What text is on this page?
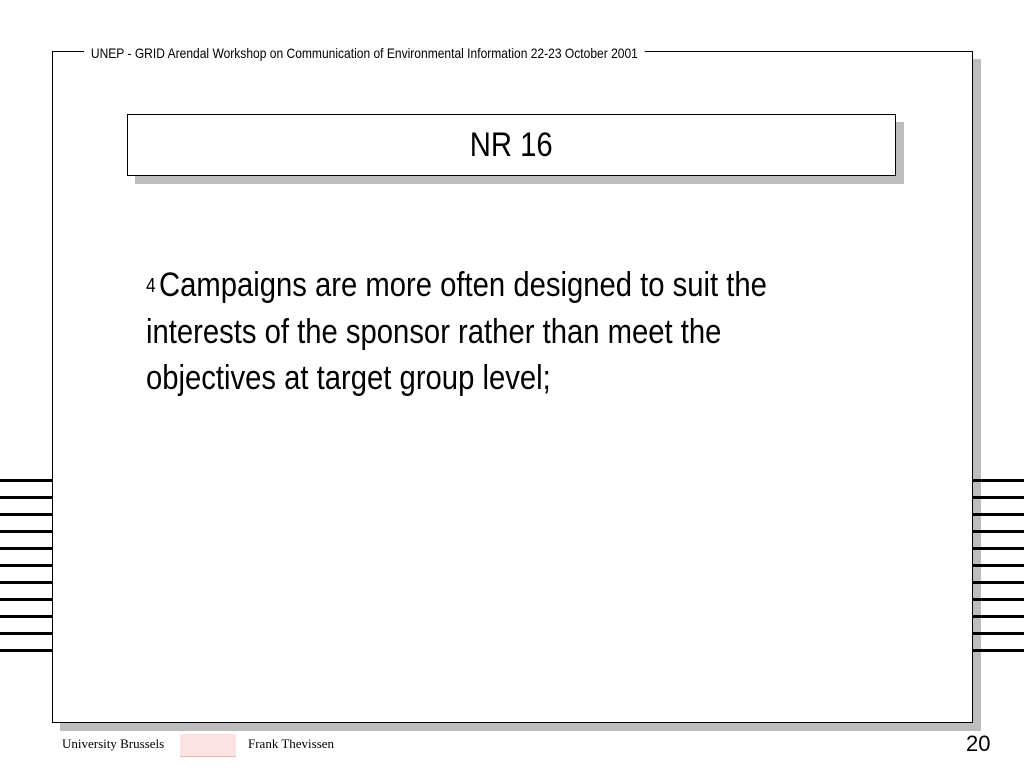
UNEP - GRID Arendal Workshop on Communication of Environmental Information 22-23 October 2001
NR 16
4 Campaigns are more often designed to suit the interests of the sponsor rather than meet the objectives at target group level;
University Brussels	Frank Thevissen	20
